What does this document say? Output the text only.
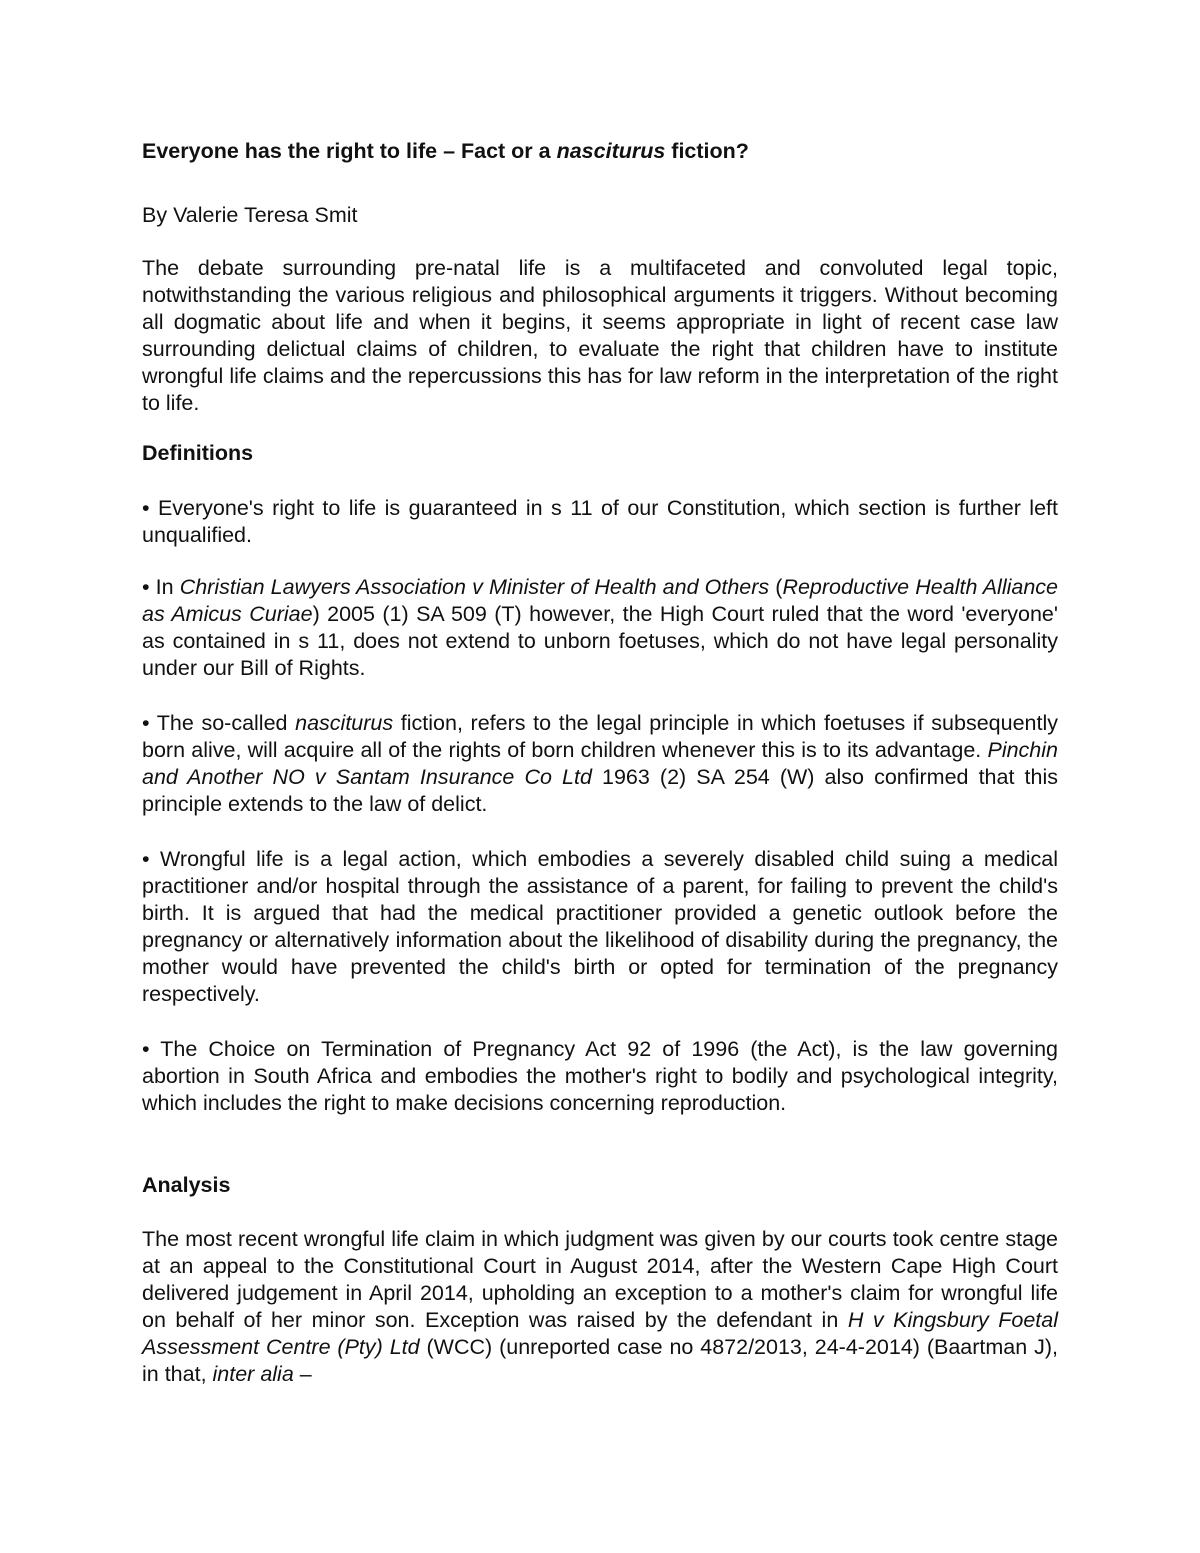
Everyone has the right to life – Fact or a nasciturus fiction?

By Valerie Teresa Smit

The debate surrounding pre-natal life is a multifaceted and convoluted legal topic, notwithstanding the various religious and philosophical arguments it triggers. Without becoming all dogmatic about life and when it begins, it seems appropriate in light of recent case law surrounding delictual claims of children, to evaluate the right that children have to institute wrongful life claims and the repercussions this has for law reform in the interpretation of the right to life.

Definitions

• Everyone's right to life is guaranteed in s 11 of our Constitution, which section is further left unqualified.

• In Christian Lawyers Association v Minister of Health and Others (Reproductive Health Alliance as Amicus Curiae) 2005 (1) SA 509 (T) however, the High Court ruled that the word 'everyone' as contained in s 11, does not extend to unborn foetuses, which do not have legal personality under our Bill of Rights.

• The so-called nasciturus fiction, refers to the legal principle in which foetuses if subsequently born alive, will acquire all of the rights of born children whenever this is to its advantage. Pinchin and Another NO v Santam Insurance Co Ltd 1963 (2) SA 254 (W) also confirmed that this principle extends to the law of delict.

• Wrongful life is a legal action, which embodies a severely disabled child suing a medical practitioner and/or hospital through the assistance of a parent, for failing to prevent the child's birth. It is argued that had the medical practitioner provided a genetic outlook before the pregnancy or alternatively information about the likelihood of disability during the pregnancy, the mother would have prevented the child's birth or opted for termination of the pregnancy respectively.

• The Choice on Termination of Pregnancy Act 92 of 1996 (the Act), is the law governing abortion in South Africa and embodies the mother's right to bodily and psychological integrity, which includes the right to make decisions concerning reproduction.

Analysis

The most recent wrongful life claim in which judgment was given by our courts took centre stage at an appeal to the Constitutional Court in August 2014, after the Western Cape High Court delivered judgement in April 2014, upholding an exception to a mother's claim for wrongful life on behalf of her minor son. Exception was raised by the defendant in H v Kingsbury Foetal Assessment Centre (Pty) Ltd (WCC) (unreported case no 4872/2013, 24-4-2014) (Baartman J), in that, inter alia –
